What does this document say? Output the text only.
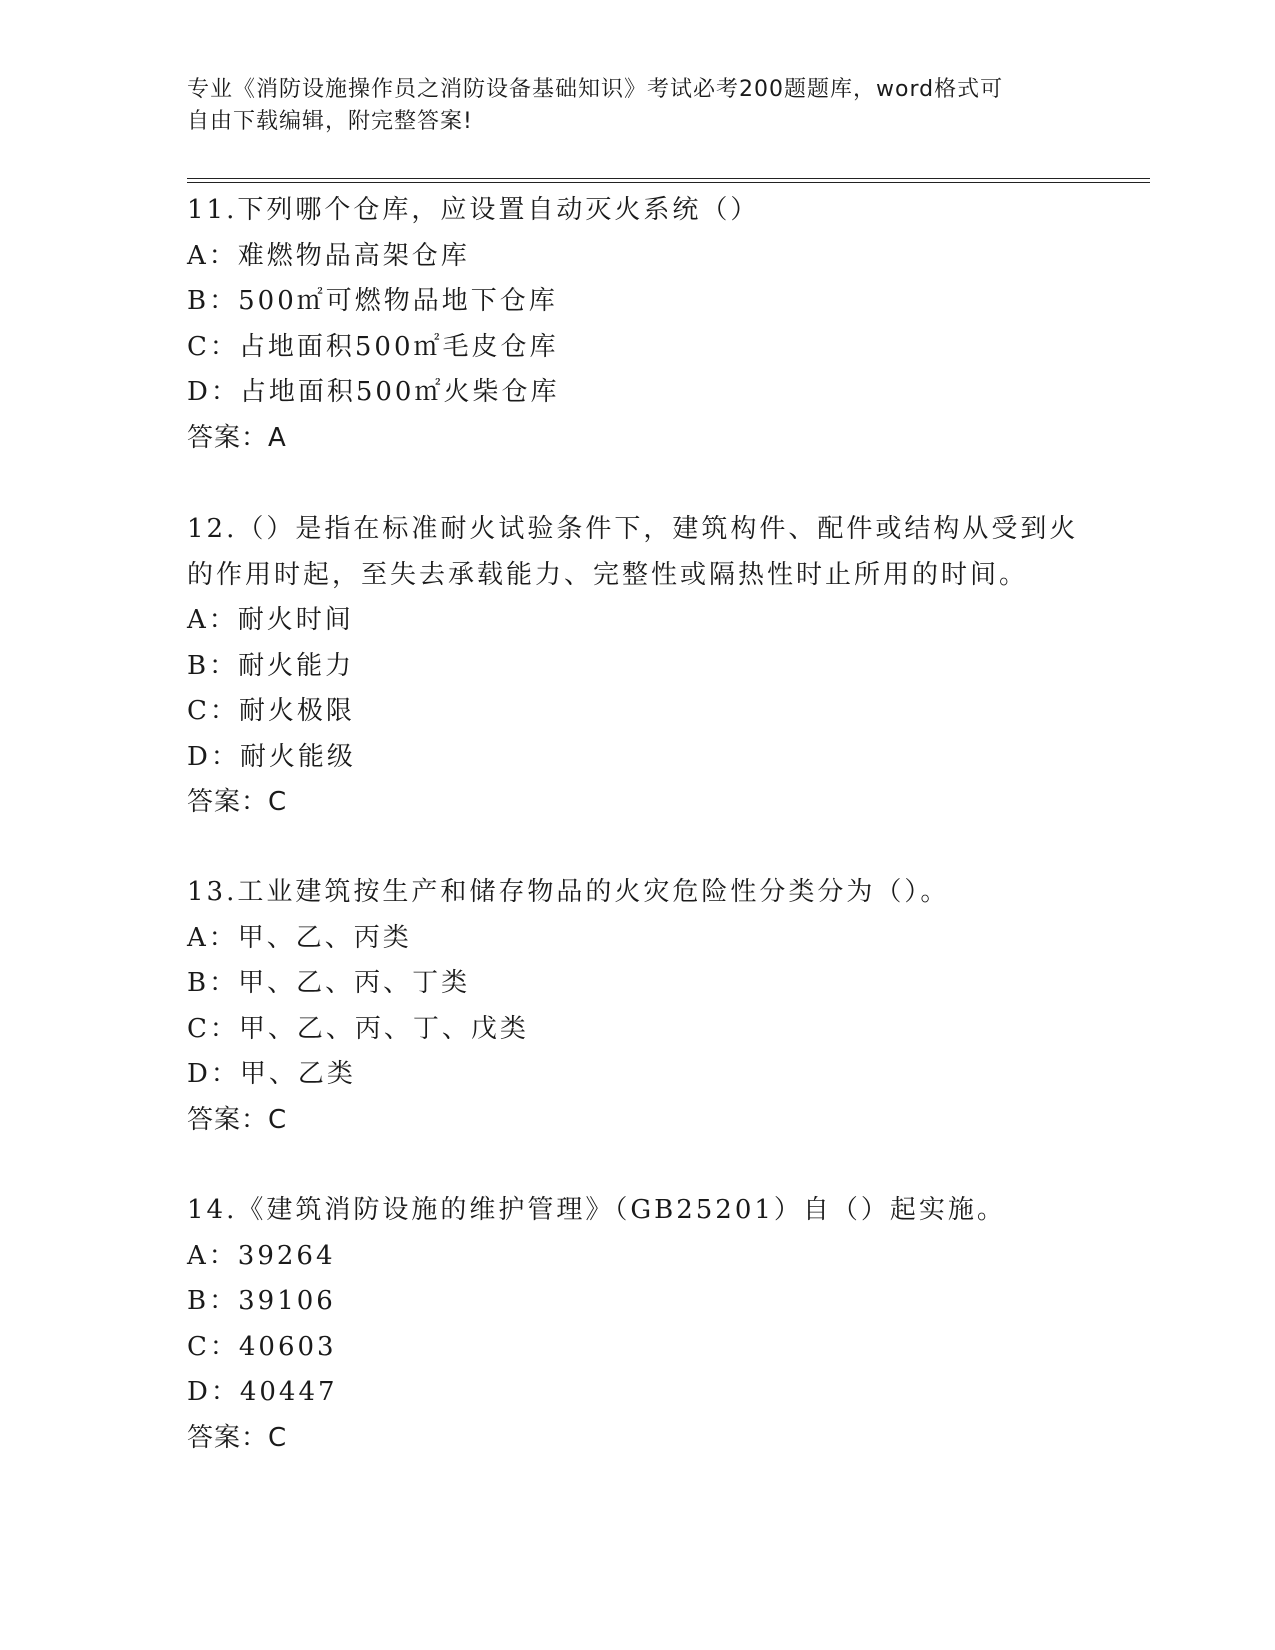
专业《消防设施操作员之消防设备基础知识》考试必考200题题库，word格式可
自由下载编辑，附完整答案!
11.下列哪个仓库，应设置自动灭火系统（）
A：难燃物品高架仓库
B：500㎡可燃物品地下仓库
C：占地面积500㎡毛皮仓库
D：占地面积500㎡火柴仓库
答案：A
12.（）是指在标准耐火试验条件下，建筑构件、配件或结构从受到火
的作用时起，至失去承载能力、完整性或隔热性时止所用的时间。
A：耐火时间
B：耐火能力
C：耐火极限
D：耐火能级
答案：C
13.工业建筑按生产和储存物品的火灾危险性分类分为（）。
A：甲、乙、丙类
B：甲、乙、丙、丁类
C：甲、乙、丙、丁、戊类
D：甲、乙类
答案：C
14.《建筑消防设施的维护管理》（GB25201）自（）起实施。
A：39264
B：39106
C：40603
D：40447
答案：C
